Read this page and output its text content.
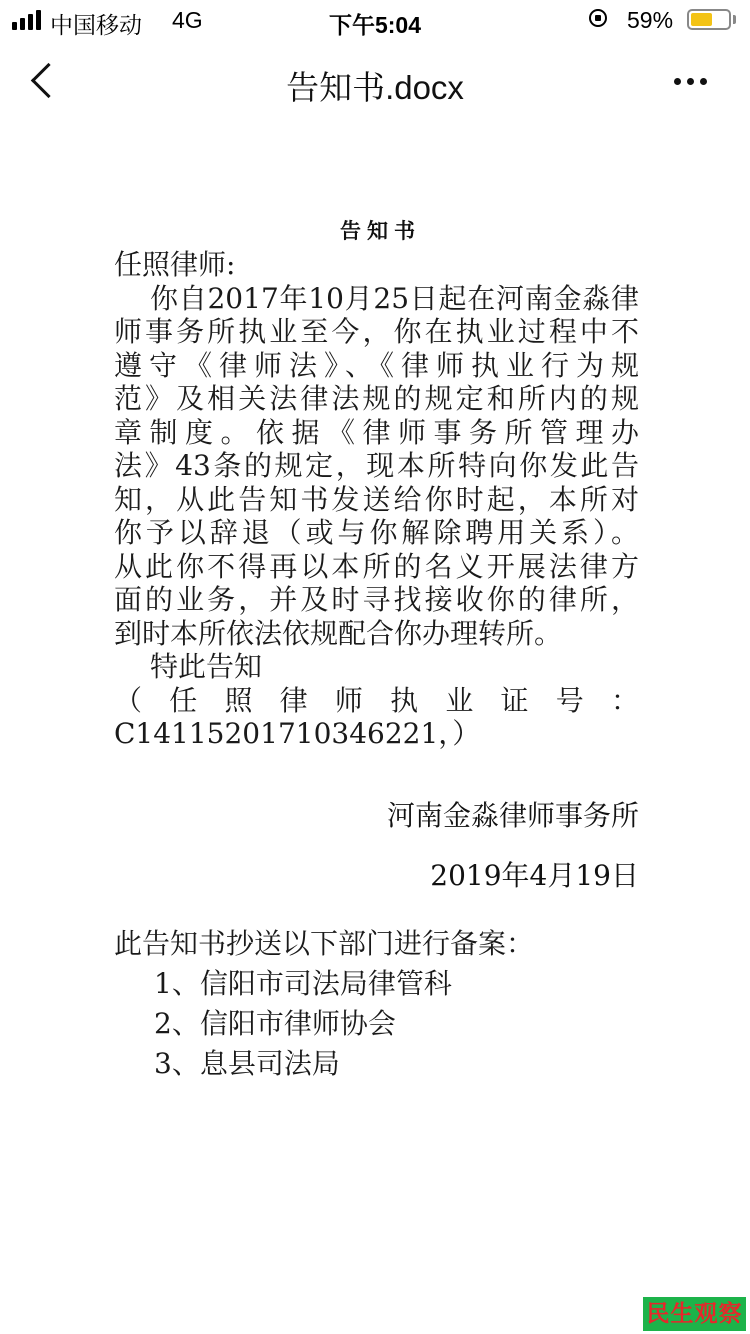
中国移动 4G	下午5:04	59%
告知书.docx
告知书
任照律师:
你自2017年10月25日起在河南金淼律
师事务所执业至今，你在执业过程中不
遵守《律师法》、《律师执业行为规
范》及相关法律法规的规定和所内的规
章制度。依据《律师事务所管理办
法》43条的规定，现本所特向你发此告
知，从此告知书发送给你时起，本所对
你予以辞退（或与你解除聘用关系）。
从此你不得再以本所的名义开展法律方
面的业务，并及时寻找接收你的律所，
到时本所依法依规配合你办理转所。
特此告知
（ 任 照 律 师 执 业 证 号 ：
C14115201710346221，）
河南金淼律师事务所
2019年4月19日
此告知书抄送以下部门进行备案：
1、信阳市司法局律管科
2、信阳市律师协会
3、息县司法局
民生观察
